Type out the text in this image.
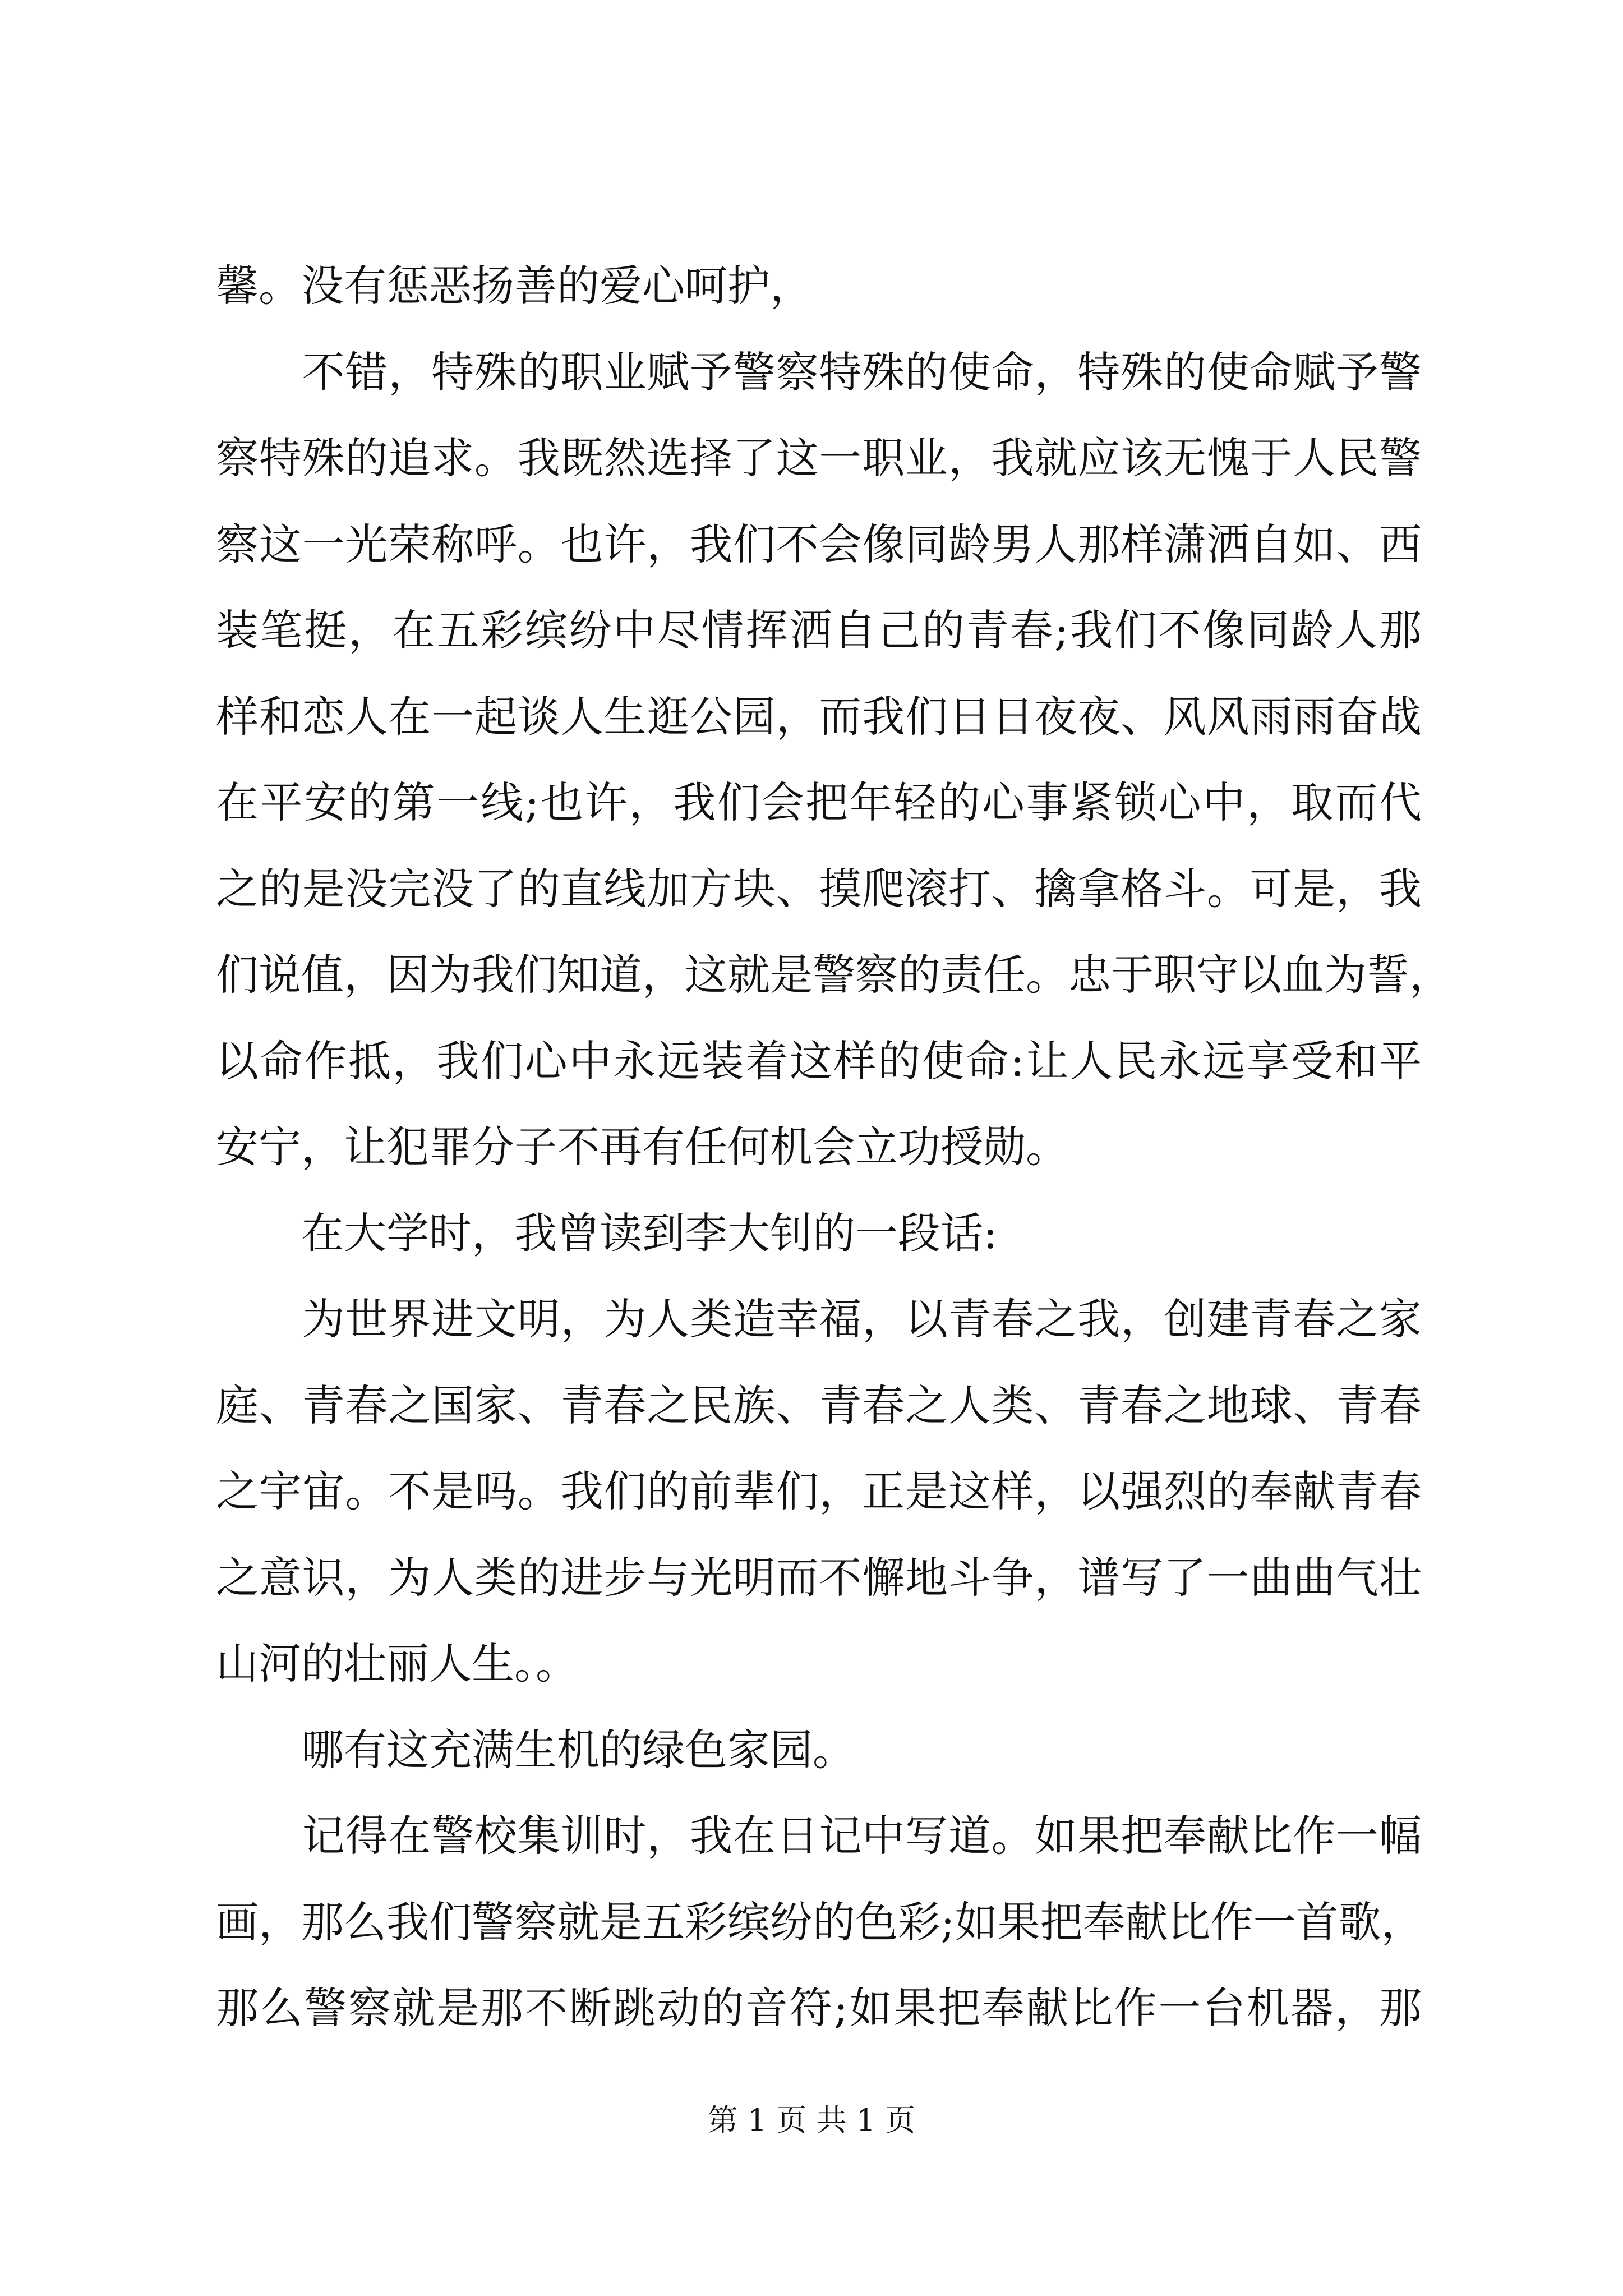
馨。没有惩恶扬善的爱心呵护，
　　不错，特殊的职业赋予警察特殊的使命，特殊的使命赋予警
察特殊的追求。我既然选择了这一职业，我就应该无愧于人民警
察这一光荣称呼。也许，我们不会像同龄男人那样潇洒自如、西
装笔挺，在五彩缤纷中尽情挥洒自己的青春;我们不像同龄人那
样和恋人在一起谈人生逛公园，而我们日日夜夜、风风雨雨奋战
在平安的第一线;也许，我们会把年轻的心事紧锁心中，取而代
之的是没完没了的直线加方块、摸爬滚打、擒拿格斗。可是，我
们说值，因为我们知道，这就是警察的责任。忠于职守以血为誓，
以命作抵，我们心中永远装着这样的使命:让人民永远享受和平
安宁，让犯罪分子不再有任何机会立功授勋。
　　在大学时，我曾读到李大钊的一段话:
　　为世界进文明，为人类造幸福，以青春之我，创建青春之家
庭、青春之国家、青春之民族、青春之人类、青春之地球、青春
之宇宙。不是吗。我们的前辈们，正是这样，以强烈的奉献青春
之意识，为人类的进步与光明而不懈地斗争，谱写了一曲曲气壮
山河的壮丽人生。。
　　哪有这充满生机的绿色家园。
　　记得在警校集训时，我在日记中写道。如果把奉献比作一幅
画，那么我们警察就是五彩缤纷的色彩;如果把奉献比作一首歌，
那么警察就是那不断跳动的音符;如果把奉献比作一台机器，那
第 1 页 共 1 页
